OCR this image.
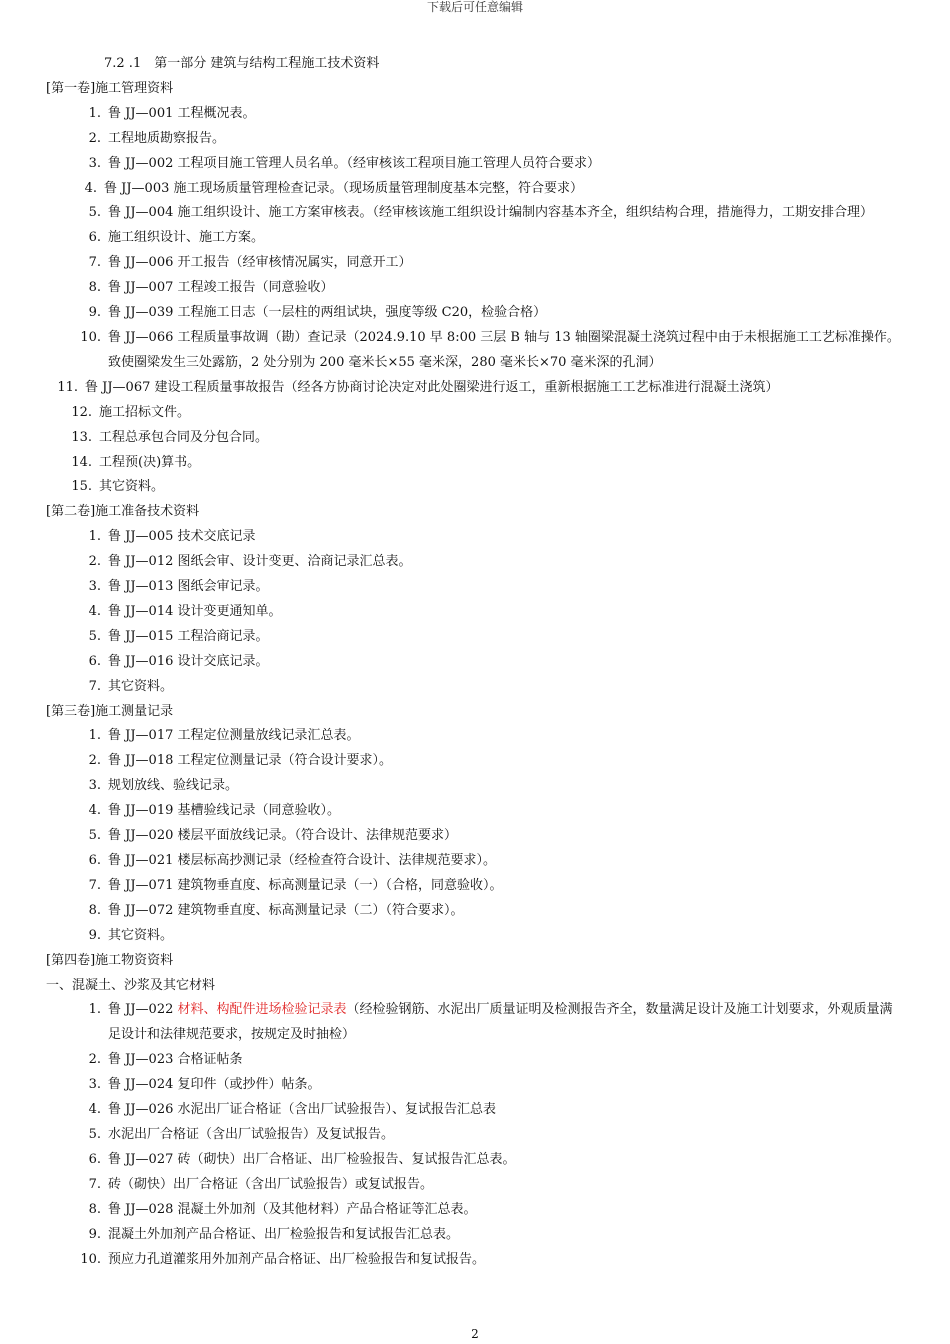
下载后可任意编辑
7.2 .1　第一部分 建筑与结构工程施工技术资料
[第一卷]施工管理资料
1. 鲁 JJ—001 工程概况表。
2. 工程地质勘察报告。
3. 鲁 JJ—002 工程项目施工管理人员名单。（经审核该工程项目施工管理人员符合要求）
4. 鲁 JJ—003 施工现场质量管理检查记录。（现场质量管理制度基本完整，符合要求）
5. 鲁 JJ—004 施工组织设计、施工方案审核表。（经审核该施工组织设计编制内容基本齐全，组织结构合理，措施得力，工期安排合理）
6. 施工组织设计、施工方案。
7. 鲁 JJ—006 开工报告（经审核情况属实，同意开工）
8. 鲁 JJ—007 工程竣工报告（同意验收）
9. 鲁 JJ—039 工程施工日志（一层柱的两组试块，强度等级 C20，检验合格）
10. 鲁 JJ—066 工程质量事故调（勘）查记录（2024.9.10 早 8:00 三层 B 轴与 13 轴圈梁混凝土浇筑过程中由于未根据施工工艺标准操作。致使圈梁发生三处露筋，2 处分别为 200 毫米长×55 毫米深，280 毫米长×70 毫米深的孔洞）
11. 鲁 JJ—067 建设工程质量事故报告（经各方协商讨论决定对此处圈梁进行返工，重新根据施工工艺标准进行混凝土浇筑）
12. 施工招标文件。
13. 工程总承包合同及分包合同。
14. 工程预(决)算书。
15. 其它资料。
[第二卷]施工准备技术资料
1. 鲁 JJ—005 技术交底记录
2. 鲁 JJ—012 图纸会审、设计变更、洽商记录汇总表。
3. 鲁 JJ—013 图纸会审记录。
4. 鲁 JJ—014 设计变更通知单。
5. 鲁 JJ—015 工程洽商记录。
6. 鲁 JJ—016 设计交底记录。
7. 其它资料。
[第三卷]施工测量记录
1. 鲁 JJ—017 工程定位测量放线记录汇总表。
2. 鲁 JJ—018 工程定位测量记录（符合设计要求）。
3. 规划放线、验线记录。
4. 鲁 JJ—019 基槽验线记录（同意验收）。
5. 鲁 JJ—020 楼层平面放线记录。（符合设计、法律规范要求）
6. 鲁 JJ—021 楼层标高抄测记录（经检查符合设计、法律规范要求）。
7. 鲁 JJ—071 建筑物垂直度、标高测量记录（一）（合格，同意验收）。
8. 鲁 JJ—072 建筑物垂直度、标高测量记录（二）（符合要求）。
9. 其它资料。
[第四卷]施工物资资料
一、混凝土、沙浆及其它材料
1. 鲁 JJ—022 材料、构配件进场检验记录表（经检验钢筋、水泥出厂质量证明及检测报告齐全，数量满足设计及施工计划要求，外观质量满足设计和法律规范要求，按规定及时抽检）
2. 鲁 JJ—023 合格证帖条
3. 鲁 JJ—024 复印件（或抄件）帖条。
4. 鲁 JJ—026 水泥出厂证合格证（含出厂试验报告）、复试报告汇总表
5. 水泥出厂合格证（含出厂试验报告）及复试报告。
6. 鲁 JJ—027 砖（砌快）出厂合格证、出厂检验报告、复试报告汇总表。
7. 砖（砌快）出厂合格证（含出厂试验报告）或复试报告。
8. 鲁 JJ—028 混凝土外加剂（及其他材料）产品合格证等汇总表。
9. 混凝土外加剂产品合格证、出厂检验报告和复试报告汇总表。
10. 预应力孔道灌浆用外加剂产品合格证、出厂检验报告和复试报告。
2
